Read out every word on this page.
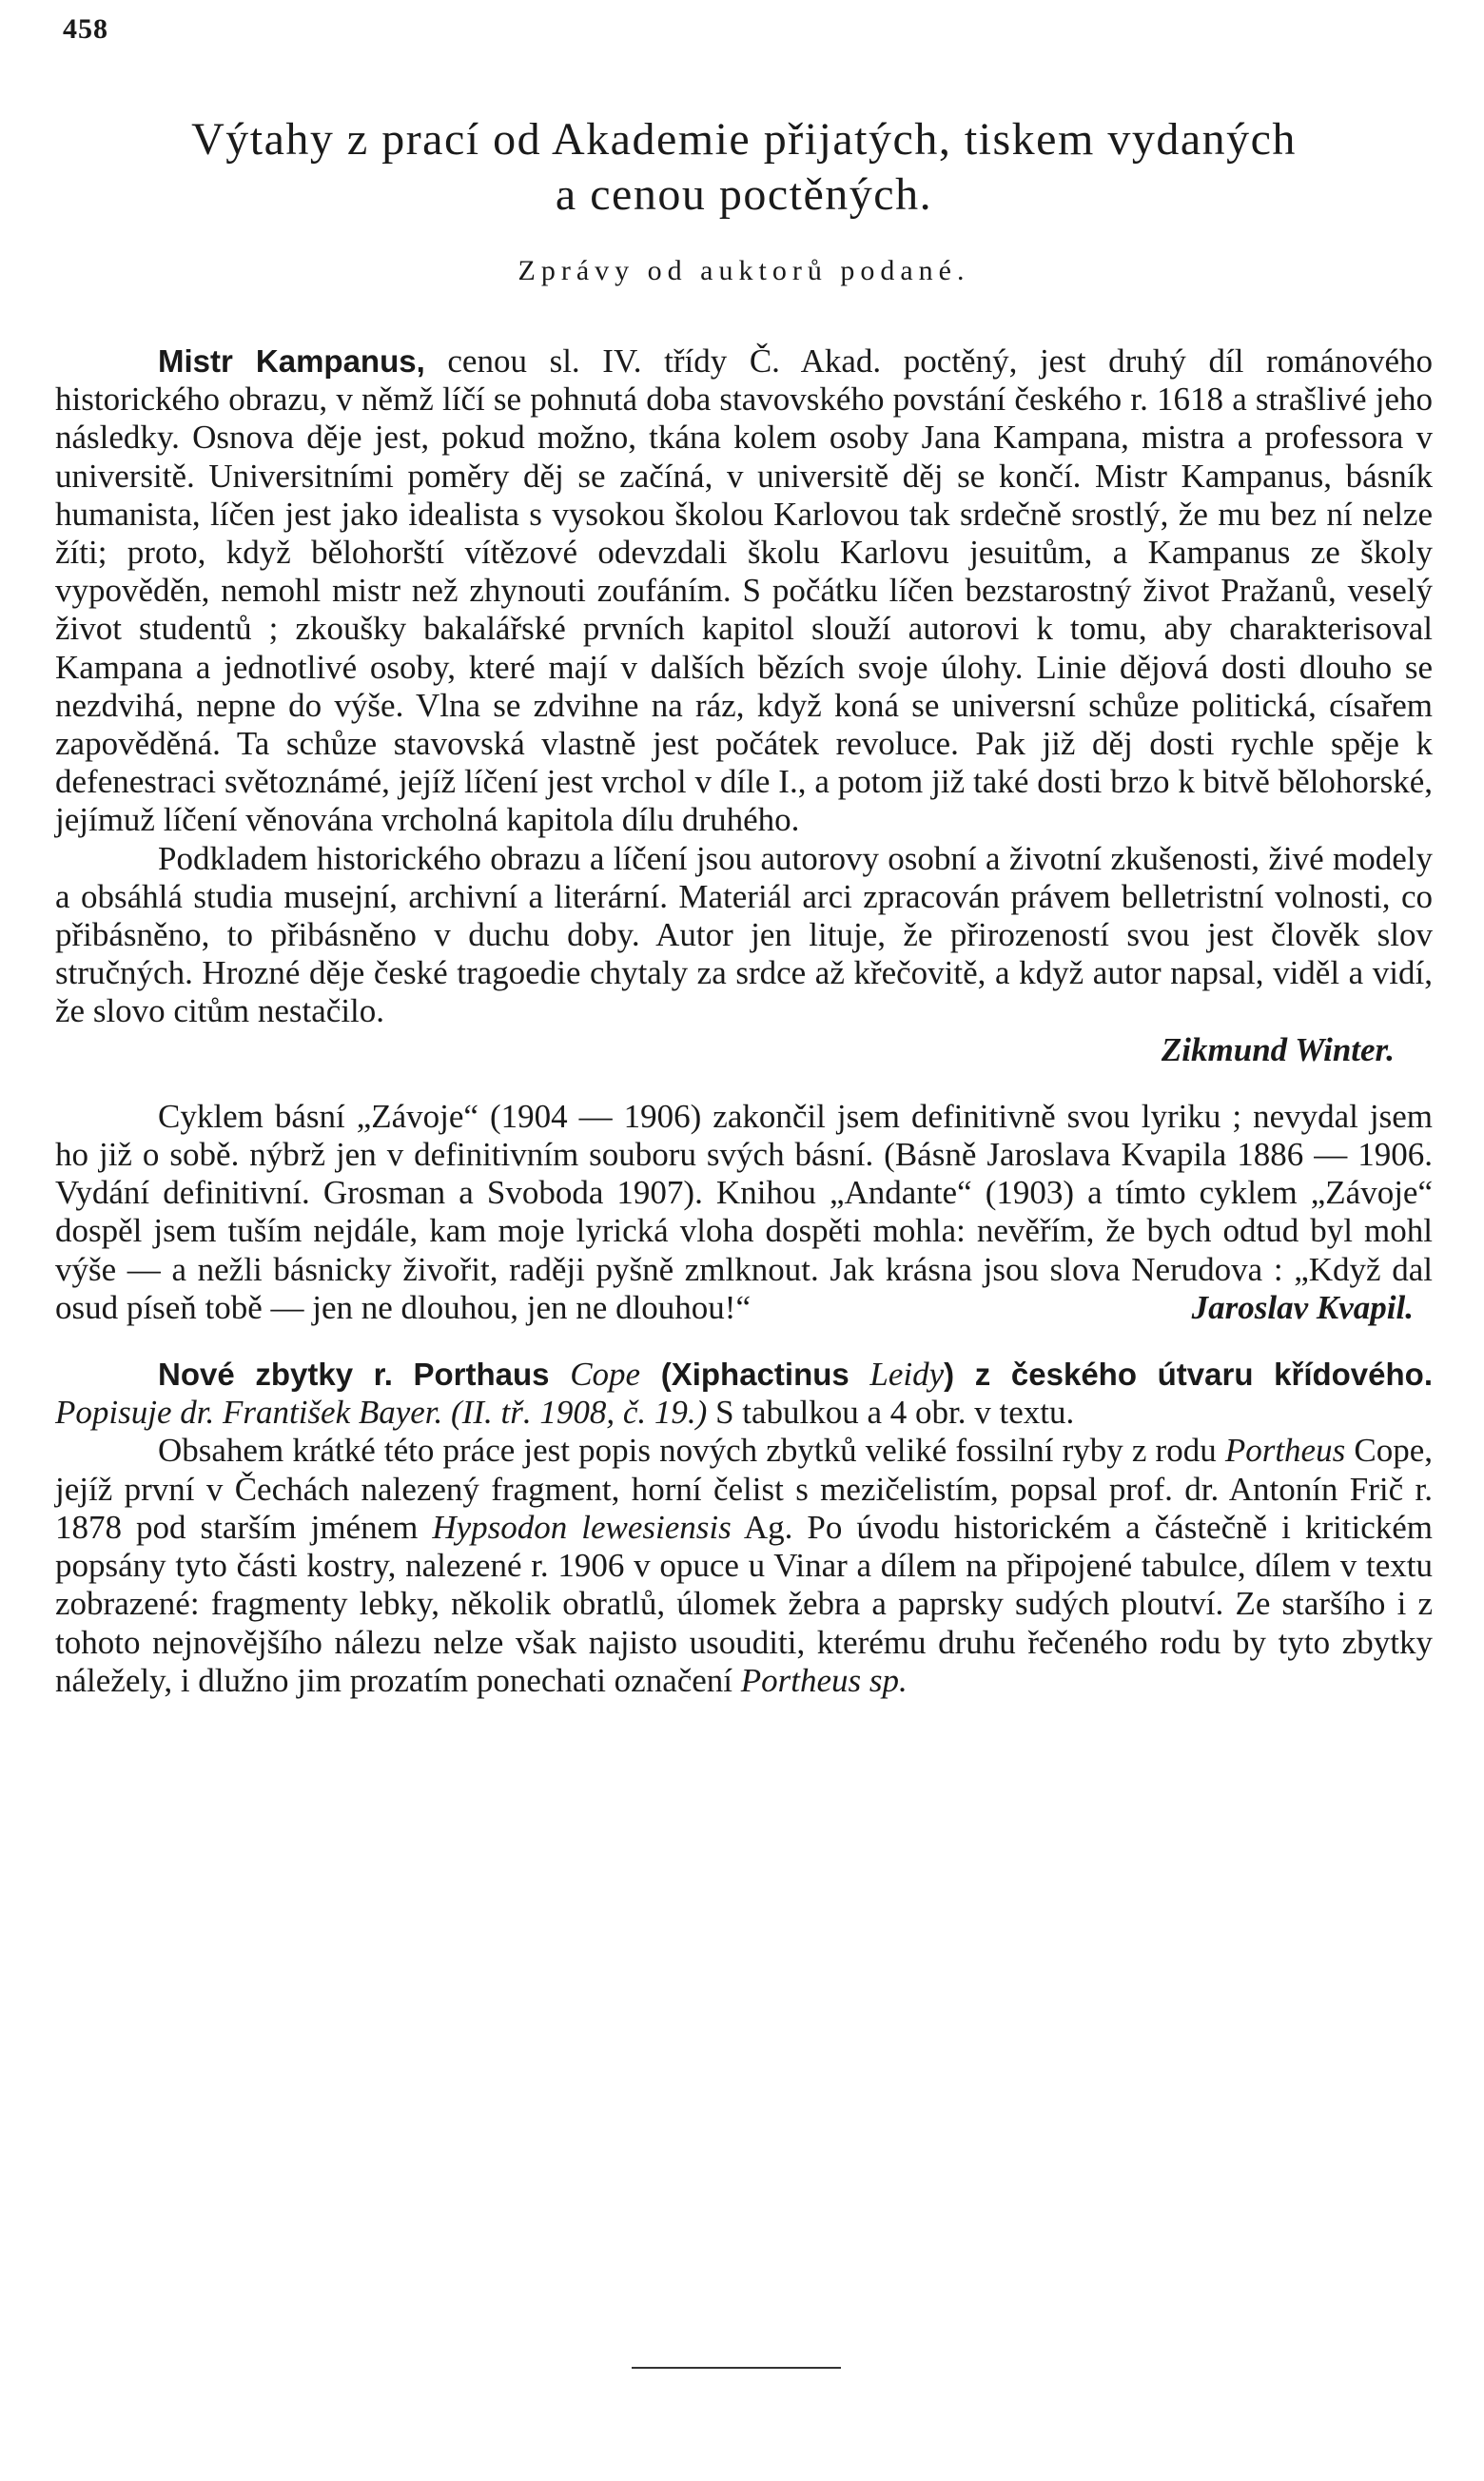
458
Výtahy z prací od Akademie přijatých, tiskem vydaných
a cenou poctěných.
Zprávy od auktorů podané.

Mistr Kampanus, cenou sl. IV. třídy Č. Akad. poctěný, jest druhý díl románového historického obrazu, v němž líčí se pohnutá doba stavovského povstání českého r. 1618 a strašlivé jeho následky. Osnova děje jest, pokud možno, tkána kolem osoby Jana Kampana, mistra a professora v universitě. Universitními poměry děj se začíná, v universitě děj se končí. Mistr Kampanus, básník humanista, líčen jest jako idealista s vysokou školou Karlovou tak srdečně srostlý, že mu bez ní nelze žíti; proto, když bělohorští vítězové odevzdali školu Karlovu jesuitům, a Kampanus ze školy vypověděn, nemohl mistr než zhynouti zoufáním. S počátku líčen bezstarostný život Pražanů, veselý život studentů ; zkoušky bakalářské prvních kapitol slouží autorovi k tomu, aby charakterisoval Kampana a jednotlivé osoby, které mají v dalších bězích svoje úlohy. Linie dějová dosti dlouho se nezdvihá, nepne do výše. Vlna se zdvihne na ráz, když koná se universní schůze politická, císařem zapověděná. Ta schůze stavovská vlastně jest počátek revoluce. Pak již děj dosti rychle spěje k defenestraci světoznámé, jejíž líčení jest vrchol v díle I., a potom již také dosti brzo k bitvě bělohorské, jejímuž líčení věnována vrcholná kapitola dílu druhého.

Podkladem historického obrazu a líčení jsou autorovy osobní a životní zkušenosti, živé modely a obsáhlá studia musejní, archivní a literární. Materiál arci zpracován právem belletristní volnosti, co přibásněno, to přibásněno v duchu doby. Autor jen lituje, že přirozeností svou jest člověk slov stručných. Hrozné děje české tragoedie chytaly za srdce až křečovitě, a když autor napsal, viděl a vidí, že slovo citům nestačilo.

Zikmund Winter.

Cyklem básní „Závoje“ (1904 — 1906) zakončil jsem definitivně svou lyriku ; nevydal jsem ho již o sobě. nýbrž jen v definitivním souboru svých básní. (Básně Jaroslava Kvapila 1886 — 1906. Vydání definitivní. Grosman a Svoboda 1907). Knihou „Andante“ (1903) a tímto cyklem „Závoje“ dospěl jsem tuším nejdále, kam moje lyrická vloha dospěti mohla: nevěřím, že bych odtud byl mohl výše — a nežli básnicky živořit, raději pyšně zmlknout. Jak krásna jsou slova Nerudova : „Když dal osud píseň tobě — jen ne dlouhou, jen ne dlouhou!“	Jaroslav Kvapil.

Nové zbytky r. Porthaus Cope (Xiphactinus Leidy) z českého útvaru křídového. Popisuje dr. František Bayer. (II. tř. 1908, č. 19.) S tabulkou a 4 obr. v textu.

Obsahem krátké této práce jest popis nových zbytků veliké fossilní ryby z rodu Portheus Cope, jejíž první v Čechách nalezený fragment, horní čelist s mezičelistím, popsal prof. dr. Antonín Frič r. 1878 pod starším jménem Hypsodon lewesiensis Ag. Po úvodu historickém a částečně i kritickém popsány tyto části kostry, nalezené r. 1906 v opuce u Vinar a dílem na připojené tabulce, dílem v textu zobrazené: fragmenty lebky, několik obratlů, úlomek žebra a paprsky sudých ploutví. Ze staršího i z tohoto nejnovějšího nálezu nelze však najisto usouditi, kterému druhu řečeného rodu by tyto zbytky náležely, i dlužno jim prozatím ponechati označení Portheus sp.
